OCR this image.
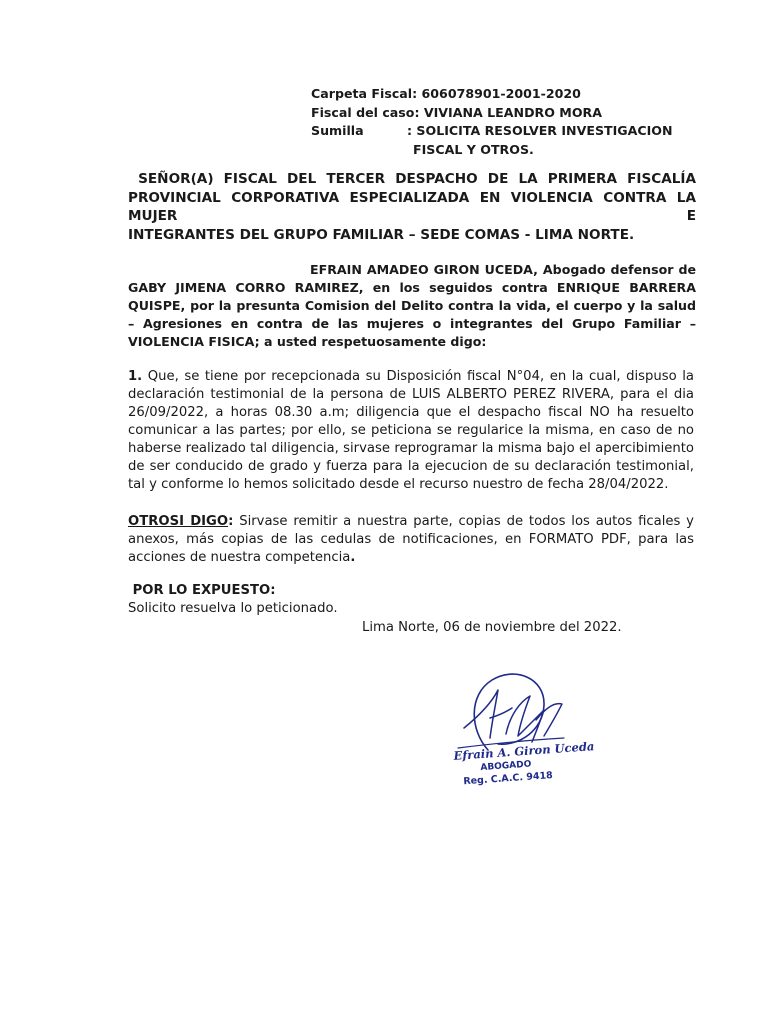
Carpeta Fiscal: 606078901-2001-2020
Fiscal del caso: VIVIANA LEANDRO MORA
Sumilla	: SOLICITA RESOLVER INVESTIGACION
FISCAL Y OTROS.
SEÑOR(A) FISCAL DEL TERCER DESPACHO DE LA PRIMERA FISCALÍA
PROVINCIAL CORPORATIVA ESPECIALIZADA EN VIOLENCIA CONTRA LA MUJER E
INTEGRANTES DEL GRUPO FAMILIAR – SEDE COMAS - LIMA NORTE.
EFRAIN AMADEO GIRON UCEDA, Abogado defensor de
GABY JIMENA CORRO RAMIREZ, en los seguidos contra ENRIQUE BARRERA QUISPE, por la presunta Comision del Delito contra la vida, el cuerpo y la salud – Agresiones en contra de las mujeres o integrantes del Grupo Familiar – VIOLENCIA FISICA; a usted respetuosamente digo:
1. Que, se tiene por recepcionada su Disposición fiscal N°04, en la cual, dispuso la declaración testimonial de la persona de LUIS ALBERTO PEREZ RIVERA, para el dia 26/09/2022, a horas 08.30 a.m; diligencia que el despacho fiscal NO ha resuelto comunicar a las partes; por ello, se peticiona se regularice la misma, en caso de no haberse realizado tal diligencia, sirvase reprogramar la misma bajo el apercibimiento de ser conducido de grado y fuerza para la ejecucion de su declaración testimonial, tal y conforme lo hemos solicitado desde el recurso nuestro de fecha 28/04/2022.
OTROSI DIGO: Sirvase remitir a nuestra parte, copias de todos los autos ficales y anexos, más copias de las cedulas de notificaciones, en FORMATO PDF, para las acciones de nuestra competencia.
POR LO EXPUESTO:
Solicito resuelva lo peticionado.
Lima Norte, 06 de noviembre del 2022.
Efrain A. Giron Uceda
ABOGADO
Reg. C.A.C. 9418
